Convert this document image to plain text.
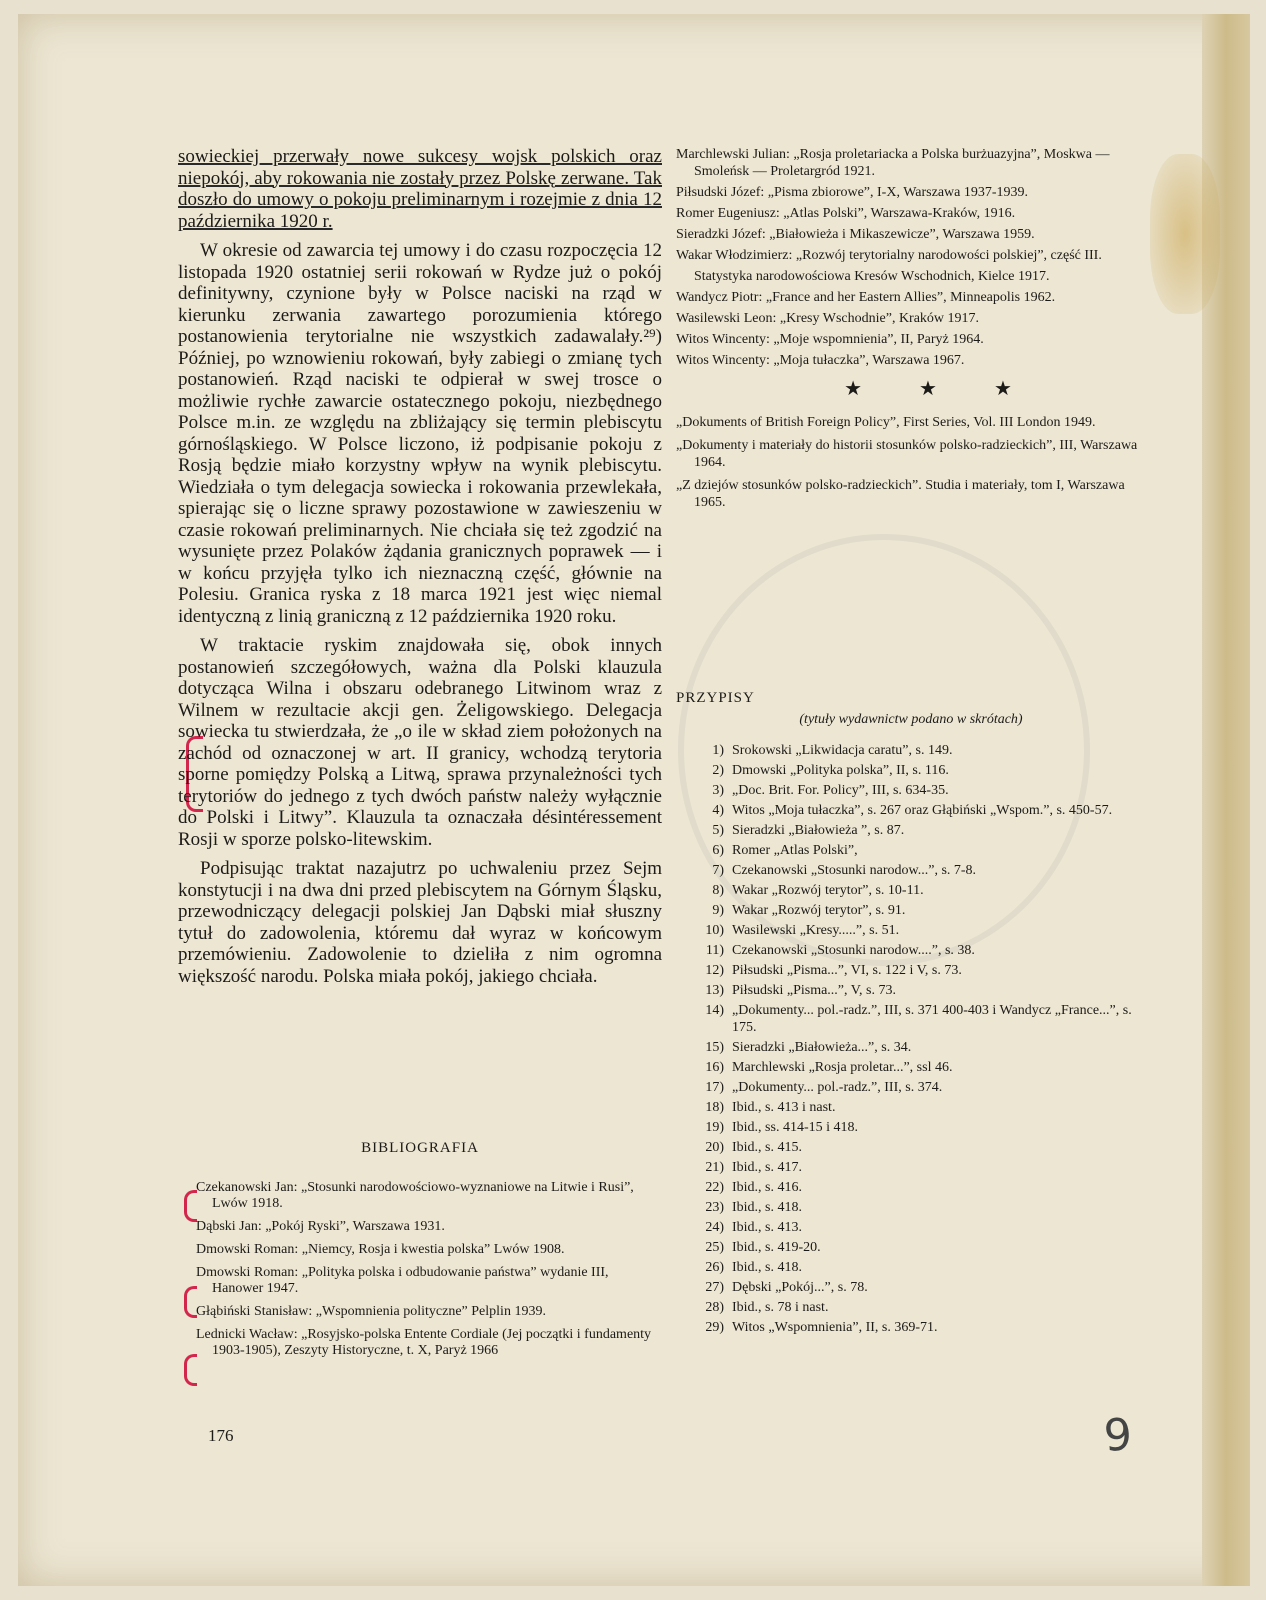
sowieckiej przerwały nowe sukcesy wojsk polskich oraz niepokój, aby rokowania nie zostały przez Polskę zerwane. Tak doszło do umowy o pokoju preliminarnym i rozejmie z dnia 12 października 1920 r.

W okresie od zawarcia tej umowy i do czasu rozpoczęcia 12 listopada 1920 ostatniej serii rokowań w Rydze już o pokój definitywny, czynione były w Polsce naciski na rząd w kierunku zerwania zawartego porozumienia którego postanowienia terytorialne nie wszystkich zadawalały.²⁹) Później, po wznowieniu rokowań, były zabiegi o zmianę tych postanowień. Rząd naciski te odpierał w swej trosce o możliwie rychłe zawarcie ostatecznego pokoju, niezbędnego Polsce m.in. ze względu na zbliżający się termin plebiscytu górnośląskiego. W Polsce liczono, iż podpisanie pokoju z Rosją będzie miało korzystny wpływ na wynik plebiscytu. Wiedziała o tym delegacja sowiecka i rokowania przewlekała, spierając się o liczne sprawy pozostawione w zawieszeniu w czasie rokowań preliminarnych. Nie chciała się też zgodzić na wysunięte przez Polaków żądania granicznych poprawek — i w końcu przyjęła tylko ich nieznaczną część, głównie na Polesiu. Granica ryska z 18 marca 1921 jest więc niemal identyczną z linią graniczną z 12 października 1920 roku.

W traktacie ryskim znajdowała się, obok innych postanowień szczegółowych, ważna dla Polski klauzula dotycząca Wilna i obszaru odebranego Litwinom wraz z Wilnem w rezultacie akcji gen. Żeligowskiego. Delegacja sowiecka tu stwierdzała, że „o ile w skład ziem położonych na zachód od oznaczonej w art. II granicy, wchodzą terytoria sporne pomiędzy Polską a Litwą, sprawa przynależności tych terytoriów do jednego z tych dwóch państw należy wyłącznie do Polski i Litwy”. Klauzula ta oznaczała désintéressement Rosji w sporze polsko-litewskim.

Podpisując traktat nazajutrz po uchwaleniu przez Sejm konstytucji i na dwa dni przed plebiscytem na Górnym Śląsku, przewodniczący delegacji polskiej Jan Dąbski miał słuszny tytuł do zadowolenia, któremu dał wyraz w końcowym przemówieniu. Zadowolenie to dzieliła z nim ogromna większość narodu. Polska miała pokój, jakiego chciała.

BIBLIOGRAFIA
Czekanowski Jan: „Stosunki narodowościowo-wyznaniowe na Litwie i Rusi”, Lwów 1918.
Dąbski Jan: „Pokój Ryski”, Warszawa 1931.
Dmowski Roman: „Niemcy, Rosja i kwestia polska” Lwów 1908.
Dmowski Roman: „Polityka polska i odbudowanie państwa” wydanie III, Hanower 1947.
Głąbiński Stanisław: „Wspomnienia polityczne” Pelplin 1939.
Lednicki Wacław: „Rosyjsko-polska Entente Cordiale (Jej początki i fundamenty 1903-1905), Zeszyty Historyczne, t. X, Paryż 1966
176	9
Marchlewski Julian: „Rosja proletariacka a Polska burżuazyjna”, Moskwa — Smoleńsk — Proletargród 1921.
Piłsudski Józef: „Pisma zbiorowe”, I-X, Warszawa 1937-1939.
Romer Eugeniusz: „Atlas Polski”, Warszawa-Kraków, 1916.
Sieradzki Józef: „Białowieża i Mikaszewicze”, Warszawa 1959.
Wakar Włodzimierz: „Rozwój terytorialny narodowości polskiej”, część III.
Statystyka narodowościowa Kresów Wschodnich, Kielce 1917.
Wandycz Piotr: „France and her Eastern Allies”, Minneapolis 1962.
Wasilewski Leon: „Kresy Wschodnie”, Kraków 1917.
Witos Wincenty: „Moje wspomnienia”, II, Paryż 1964.
Witos Wincenty: „Moja tułaczka”, Warszawa 1967.
★ ★ ★
„Dokuments of British Foreign Policy”, First Series, Vol. III London 1949.
„Dokumenty i materiały do historii stosunków polsko-radzieckich”, III, Warszawa 1964.
„Z dziejów stosunków polsko-radzieckich”. Studia i materiały, tom I, Warszawa 1965.
PRZYPISY
(tytuły wydawnictw podano w skrótach)
1) Srokowski „Likwidacja caratu”, s. 149.
2) Dmowski „Polityka polska”, II, s. 116.
3) „Doc. Brit. For. Policy”, III, s. 634-35.
4) Witos „Moja tułaczka”, s. 267 oraz Głąbiński „Wspom.”, s. 450-57.
5) Sieradzki „Białowieża ”, s. 87.
6) Romer „Atlas Polski”,
7) Czekanowski „Stosunki narodow...”, s. 7-8.
8) Wakar „Rozwój terytor”, s. 10-11.
9) Wakar „Rozwój terytor”, s. 91.
10) Wasilewski „Kresy.....”, s. 51.
11) Czekanowski „Stosunki narodow....”, s. 38.
12) Piłsudski „Pisma...”, VI, s. 122 i V, s. 73.
13) Piłsudski „Pisma...”, V, s. 73.
14) „Dokumenty... pol.-radz.”, III, s. 371 400-403 i Wandycz „France...”, s. 175.
15) Sieradzki „Białowieża...”, s. 34.
16) Marchlewski „Rosja proletar...”, ssl 46.
17) „Dokumenty... pol.-radz.”, III, s. 374.
18) Ibid., s. 413 i nast.
19) Ibid., ss. 414-15 i 418.
20) Ibid., s. 415.
21) Ibid., s. 417.
22) Ibid., s. 416.
23) Ibid., s. 418.
24) Ibid., s. 413.
25) Ibid., s. 419-20.
26) Ibid., s. 418.
27) Dębski „Pokój...”, s. 78.
28) Ibid., s. 78 i nast.
29) Witos „Wspomnienia”, II, s. 369-71.
